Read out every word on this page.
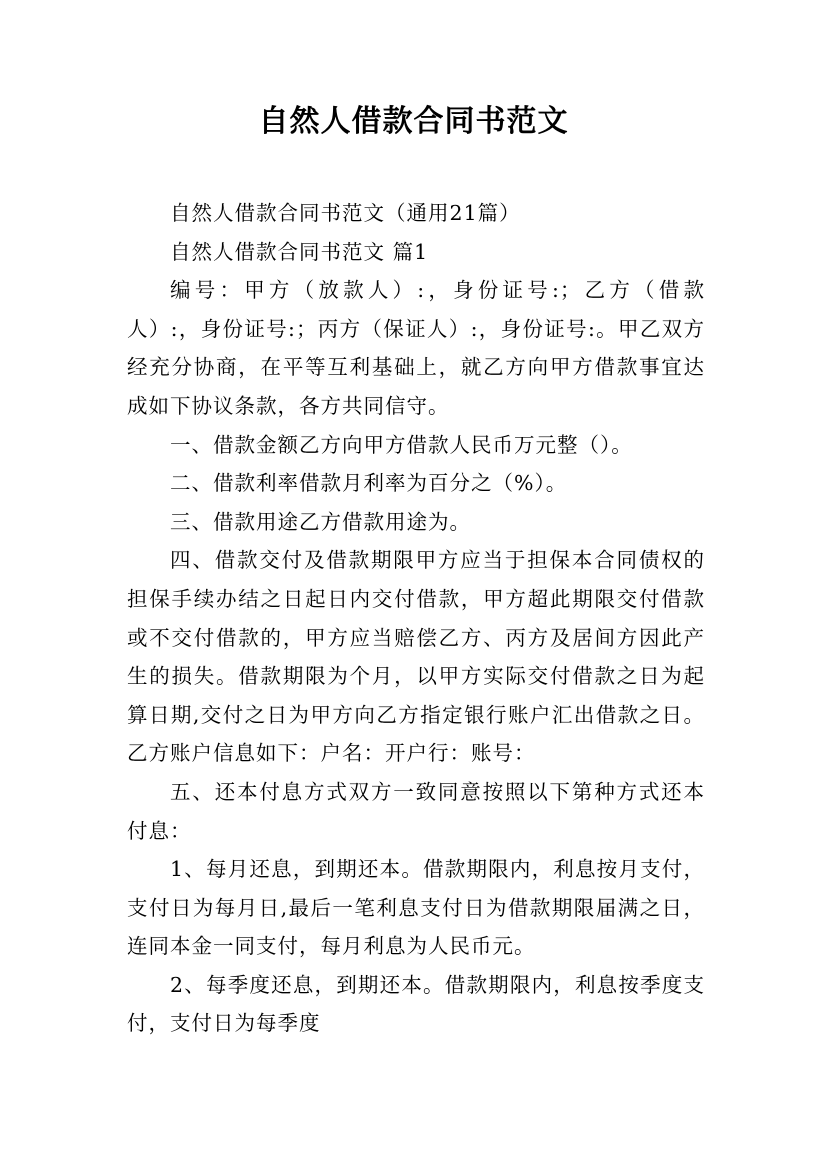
自然人借款合同书范文

自然人借款合同书范文（通用21篇）

自然人借款合同书范文 篇1

编号：甲方（放款人）:，身份证号:；乙方（借款人）:，身份证号:；丙方（保证人）:，身份证号:。甲乙双方经充分协商，在平等互利基础上，就乙方向甲方借款事宜达成如下协议条款，各方共同信守。

一、借款金额乙方向甲方借款人民币万元整（）。

二、借款利率借款月利率为百分之（%）。

三、借款用途乙方借款用途为。

四、借款交付及借款期限甲方应当于担保本合同债权的担保手续办结之日起日内交付借款，甲方超此期限交付借款或不交付借款的，甲方应当赔偿乙方、丙方及居间方因此产生的损失。借款期限为个月，以甲方实际交付借款之日为起算日期,交付之日为甲方向乙方指定银行账户汇出借款之日。乙方账户信息如下：户名：开户行：账号：

五、还本付息方式双方一致同意按照以下第种方式还本付息：

1、每月还息，到期还本。借款期限内，利息按月支付，支付日为每月日,最后一笔利息支付日为借款期限届满之日，连同本金一同支付，每月利息为人民币元。

2、每季度还息，到期还本。借款期限内，利息按季度支付，支付日为每季度
